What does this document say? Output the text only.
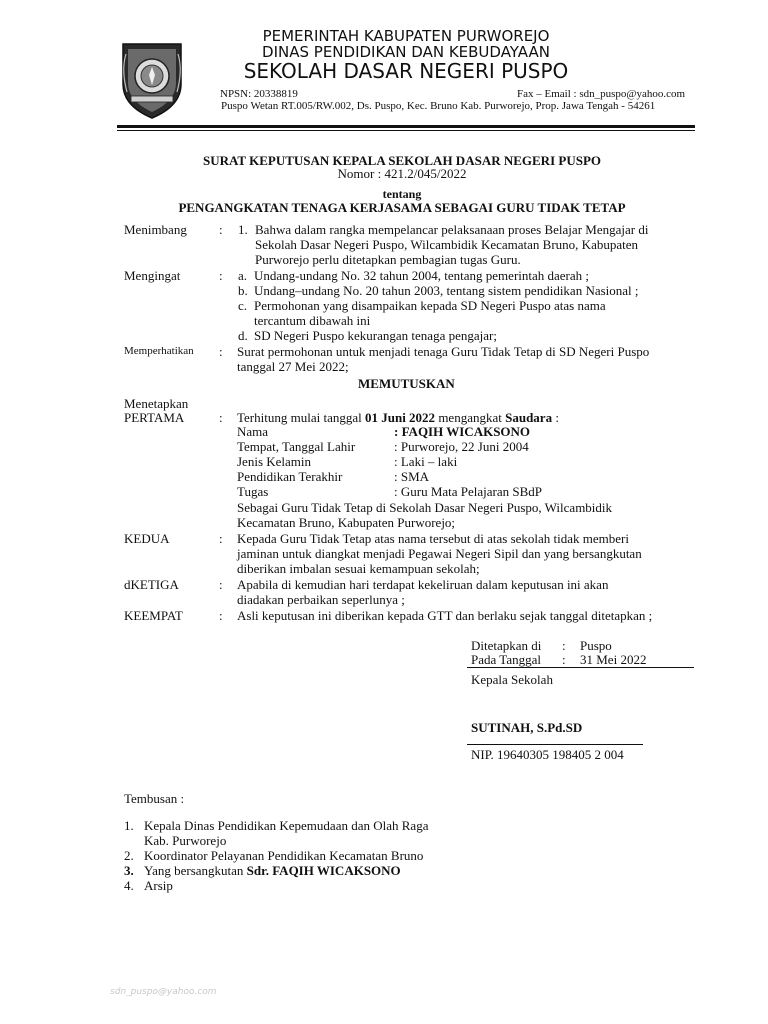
PEMERINTAH KABUPATEN PURWOREJO
DINAS PENDIDIKAN DAN KEBUDAYAAN
SEKOLAH DASAR NEGERI PUSPO
NPSN: 20338819	Fax – Email : sdn_puspo@yahoo.com
Puspo Wetan RT.005/RW.002, Ds. Puspo, Kec. Bruno Kab. Purworejo, Prop. Jawa Tengah - 54261
SURAT KEPUTUSAN KEPALA SEKOLAH DASAR NEGERI PUSPO
Nomor : 421.2/045/2022
tentang
PENGANGKATAN TENAGA KERJASAMA SEBAGAI GURU TIDAK TETAP
Menimbang : 1. Bahwa dalam rangka mempelancar pelaksanaan proses Belajar Mengajar di
Sekolah Dasar Negeri Puspo, Wilcambidik Kecamatan Bruno, Kabupaten
Purworejo perlu ditetapkan pembagian tugas Guru.
Mengingat	: a. Undang-undang No. 32 tahun 2004, tentang pemerintah daerah ;
b. Undang–undang No. 20 tahun 2003, tentang sistem pendidikan Nasional ;
c. Permohonan yang disampaikan kepada SD Negeri Puspo atas nama
tercantum dibawah ini
d. SD Negeri Puspo kekurangan tenaga pengajar;
Memperhatikan : Surat permohonan untuk menjadi tenaga Guru Tidak Tetap di SD Negeri Puspo
tanggal 27 Mei 2022;
MEMUTUSKAN
Menetapkan
PERTAMA	: Terhitung mulai tanggal 01 Juni 2022 mengangkat Saudara :
Nama	: FAQIH WICAKSONO
Tempat, Tanggal Lahir	: Purworejo, 22 Juni 2004
Jenis Kelamin	: Laki – laki
Pendidikan Terakhir	: SMA
Tugas	: Guru Mata Pelajaran SBdP
Sebagai Guru Tidak Tetap di Sekolah Dasar Negeri Puspo, Wilcambidik
Kecamatan Bruno, Kabupaten Purworejo;
KEDUA	: Kepada Guru Tidak Tetap atas nama tersebut di atas sekolah tidak memberi
jaminan untuk diangkat menjadi Pegawai Negeri Sipil dan yang bersangkutan
diberikan imbalan sesuai kemampuan sekolah;
dKETIGA	: Apabila di kemudian hari terdapat kekeliruan dalam keputusan ini akan
diadakan perbaikan seperlunya ;
KEEMPAT	: Asli keputusan ini diberikan kepada GTT dan berlaku sejak tanggal ditetapkan ;
Ditetapkan di : Puspo
Pada Tanggal : 31 Mei 2022
Kepala Sekolah
SUTINAH, S.Pd.SD
NIP. 19640305 198405 2 004
Tembusan :
1. Kepala Dinas Pendidikan Kepemudaan dan Olah Raga
Kab. Purworejo
2. Koordinator Pelayanan Pendidikan Kecamatan Bruno
3. Yang bersangkutan Sdr. FAQIH WICAKSONO
4. Arsip
sdn_puspo@yahoo.com
